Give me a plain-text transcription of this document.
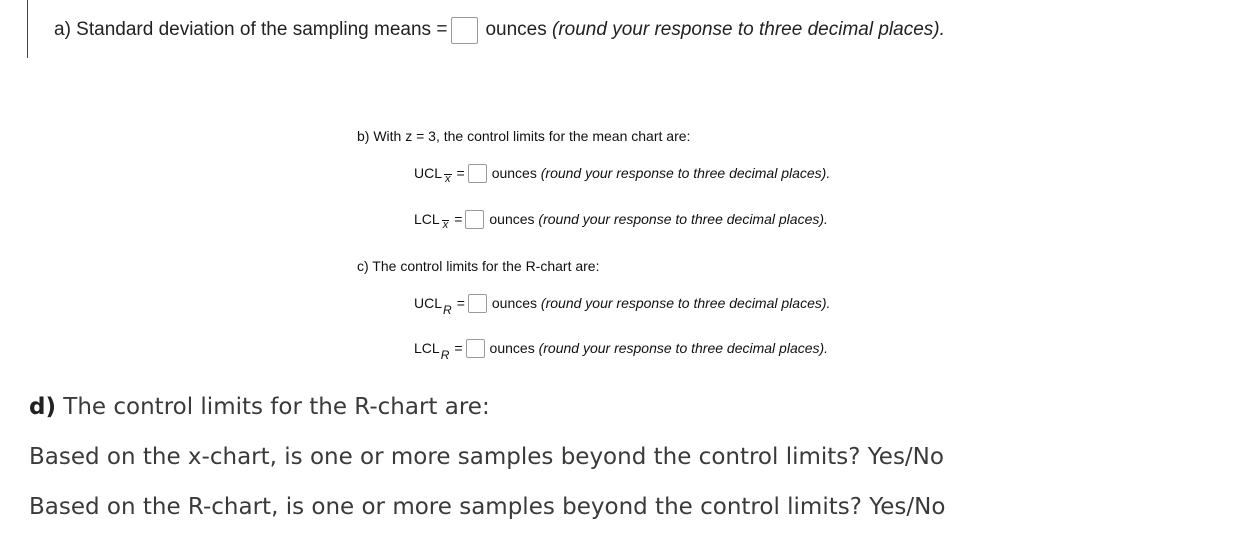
a) Standard deviation of the sampling means = ounces
(round your response to three decimal places).
b) With z = 3, the control limits for the mean chart are:
UCL x = ounces
(round your response to three decimal places).
LCL x = ounces
(round your response to three decimal places).
c) The control limits for the R-chart are:
UCL R = ounces
(round your response to three decimal places).
LCL R = ounces
(round your response to three decimal places).
d) The control limits for the R-chart are:
Based on the x-chart, is one or more samples beyond the control limits? Yes/No
Based on the R-chart, is one or more samples beyond the control limits? Yes/No
